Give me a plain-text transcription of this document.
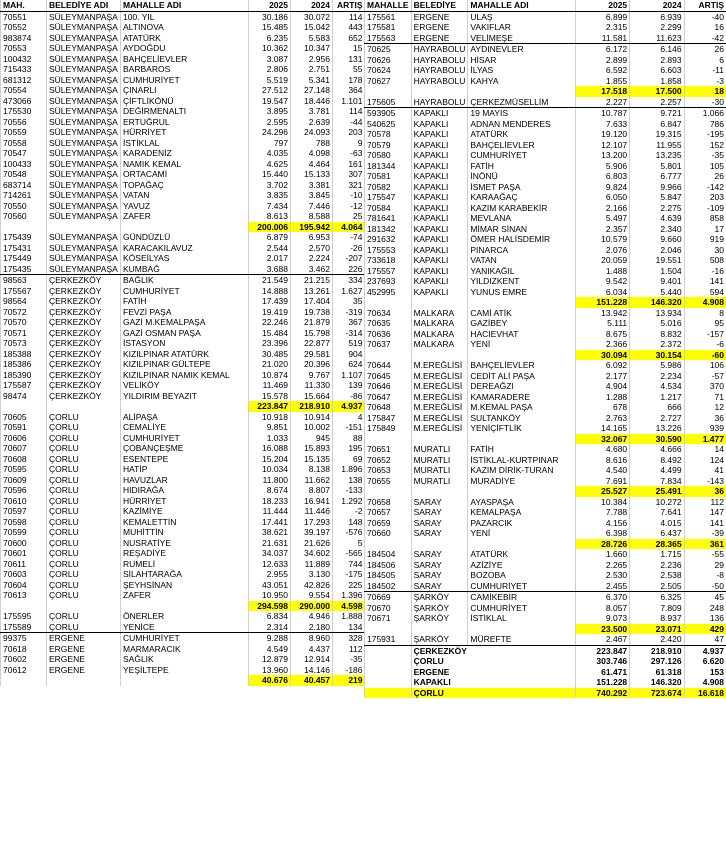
MAH.	BELEDİYE ADI	MAHALLE ADI	2025	2024	ARTIŞ
70551	SÜLEYMANPAŞA	100. YIL	30.186	30.072	114
70552	SÜLEYMANPAŞA	ALTINOVA	15.485	15.042	443
983874	SÜLEYMANPAŞA	ATATÜRK	6.235	5.583	652
70553	SÜLEYMANPAŞA	AYDOĞDU	10.362	10.347	15
100432	SÜLEYMANPAŞA	BAHÇELİEVLER	3.087	2.956	131
715433	SÜLEYMANPAŞA	BARBAROS	2.806	2.751	55
681312	SÜLEYMANPAŞA	CUMHURİYET	5.519	5.341	178
70554	SÜLEYMANPAŞA	ÇINARLI	27.512	27.148	364
473066	SÜLEYMANPAŞA	ÇİFTLİKÖNÜ	19.547	18.446	1.101
175530	SÜLEYMANPAŞA	DEĞİRMENALTI	3.895	3.781	114
70556	SÜLEYMANPAŞA	ERTUĞRUL	2.595	2.639	-44
70559	SÜLEYMANPAŞA	HÜRRİYET	24.296	24.093	203
70558	SÜLEYMANPAŞA	İSTİKLAL	797	788	9
70547	SÜLEYMANPAŞA	KARADENİZ	4.035	4.098	-63
100433	SÜLEYMANPAŞA	NAMIK KEMAL	4.625	4.464	161
70548	SÜLEYMANPAŞA	ORTACAMİ	15.440	15.133	307
683714	SÜLEYMANPAŞA	TOPAĞAÇ	3.702	3.381	321
714261	SÜLEYMANPAŞA	VATAN	3.835	3.845	-10
70550	SÜLEYMANPAŞA	YAVUZ	7.434	7.446	-12
70560	SÜLEYMANPAŞA	ZAFER	8.613	8.588	25
			200.006	195.942	4.064
175439	SÜLEYMANPAŞA	GÜNDÜZLÜ	6.879	6.953	-74
175431	SÜLEYMANPAŞA	KARACAKILAVUZ	2.544	2.570	-26
175449	SÜLEYMANPAŞA	KÖSEİLYAS	2.017	2.224	-207
175435	SÜLEYMANPAŞA	KUMBAĞ	3.688	3.462	226
98563	ÇERKEZKÖY	BAĞLIK	21.549	21.215	334
175567	ÇERKEZKÖY	CUMHURİYET	14.888	13.261	1.627
98564	ÇERKEZKÖY	FATİH	17.439	17.404	35
70572	ÇERKEZKÖY	FEVZİ PAŞA	19.419	19.738	-319
70570	ÇERKEZKÖY	GAZİ M.KEMALPAŞA	22.246	21.879	367
70571	ÇERKEZKÖY	GAZİ OSMAN PAŞA	15.484	15.798	-314
70573	ÇERKEZKÖY	İSTASYON	23.396	22.877	519
185388	ÇERKEZKÖY	KIZILPINAR ATATÜRK	30.485	29.581	904
185386	ÇERKEZKÖY	KIZILPINAR GÜLTEPE	21.020	20.396	624
185390	ÇERKEZKÖY	KIZILPINAR NAMIK KEMAL	10.874	9.767	1.107
175587	ÇERKEZKÖY	VELİKÖY	11.469	11.330	139
98474	ÇERKEZKÖY	YILDIRIM BEYAZIT	15.578	15.664	-86
			223.847	218.910	4.937
70605	ÇORLU	ALİPAŞA	10.918	10.914	4
70591	ÇORLU	CEMALİYE	9.851	10.002	-151
70606	ÇORLU	CUMHURİYET	1.033	945	88
70607	ÇORLU	ÇOBANÇEŞME	16.088	15.893	195
70608	ÇORLU	ESENTEPE	15.204	15.135	69
70595	ÇORLU	HATİP	10.034	8.138	1.896
70609	ÇORLU	HAVUZLAR	11.800	11.662	138
70596	ÇORLU	HIDIRAĞA	8.674	8.807	-133
70610	ÇORLU	HÜRRİYET	18.233	16.941	1.292
70597	ÇORLU	KAZİMİYE	11.444	11.446	-2
70598	ÇORLU	KEMALETTİN	17.441	17.293	148
70599	ÇORLU	MUHİTTİN	38.621	39.197	-576
70600	ÇORLU	NUSRATİYE	21.631	21.626	5
70601	ÇORLU	REŞADİYE	34.037	34.602	-565
70611	ÇORLU	RUMELİ	12.633	11.889	744
70603	ÇORLU	SİLAHTARAĞA	2.955	3.130	-175
70604	ÇORLU	ŞEYHSİNAN	43.051	42.826	225
70613	ÇORLU	ZAFER	10.950	9.554	1.396
			294.598	290.000	4.598
175595	ÇORLU	ÖNERLER	6.834	4.946	1.888
175589	ÇORLU	YENİCE	2.314	2.180	134
99375	ERGENE	CUMHURİYET	9.288	8.960	328
70618	ERGENE	MARMARACIK	4.549	4.437	112
70602	ERGENE	SAĞLIK	12.879	12.914	-35
70612	ERGENE	YEŞİLTEPE	13.960	14.146	-186
			40.676	40.457	219
MAHALLE	BELEDİYE	MAHALLE ADI	2025	2024	ARTIŞ
175561	ERGENE	ULAŞ	6.899	6.939	-40
175581	ERGENE	VAKIFLAR	2.315	2.299	16
175563	ERGENE	VELİMEŞE	11.581	11.623	-42
70625	HAYRABOLU	AYDINEVLER	6.172	6.146	26
70626	HAYRABOLU	HİSAR	2.899	2.893	6
70624	HAYRABOLU	İLYAS	6.592	6.603	-11
70627	HAYRABOLU	KAHYA	1.855	1.858	-3
			17.518	17.500	18
175605	HAYRABOLU	ÇERKEZMÜSELLİM	2.227	2.257	-30
593905	KAPAKLI	19 MAYIS	10.787	9.721	1.066
540625	KAPAKLI	ADNAN MENDERES	7.633	6.847	786
70578	KAPAKLI	ATATÜRK	19.120	19.315	-195
70579	KAPAKLI	BAHÇELİEVLER	12.107	11.955	152
70580	KAPAKLI	CUMHURİYET	13.200	13.235	-35
181344	KAPAKLI	FATİH	5.906	5.801	105
70581	KAPAKLI	İNÖNÜ	6.803	6.777	26
70582	KAPAKLI	İSMET PAŞA	9.824	9.966	-142
175547	KAPAKLI	KARAAĞAÇ	6.050	5.847	203
70584	KAPAKLI	KAZIM KARABEKİR	2.166	2.275	-109
781641	KAPAKLI	MEVLANA	5.497	4.639	858
181342	KAPAKLI	MİMAR SİNAN	2.357	2.340	17
291632	KAPAKLI	ÖMER HALİSDEMİR	10.579	9.660	919
175553	KAPAKLI	PINARCA	2.076	2.046	30
733618	KAPAKLI	VATAN	20.059	19.551	508
175557	KAPAKLI	YANIKAĞIL	1.488	1.504	-16
237693	KAPAKLI	YILDIZKENT	9.542	9.401	141
452995	KAPAKLI	YUNUS EMRE	6.034	5.440	594
			151.228	146.320	4.908
70634	MALKARA	CAMİ ATİK	13.942	13.934	8
70635	MALKARA	GAZİBEY	5.111	5.016	95
70636	MALKARA	HACIEVHAT	8.675	8.832	-157
70637	MALKARA	YENİ	2.366	2.372	-6
			30.094	30.154	-60
70644	M.EREĞLİSİ	BAHÇELİEVLER	6.092	5.986	106
70645	M.EREĞLİSİ	CEDİT ALİ PAŞA	2.177	2.234	-57
70646	M.EREĞLİSİ	DEREAĞZI	4.904	4.534	370
70647	M.EREĞLİSİ	KAMARADERE	1.288	1.217	71
70648	M.EREĞLİSİ	M.KEMAL PAŞA	678	666	12
175847	M.EREĞLİSİ	SULTANKÖY	2.763	2.727	36
175849	M.EREĞLİSİ	YENİÇİFTLİK	14.165	13.226	939
			32.067	30.590	1.477
70651	MURATLI	FATİH	4.680	4.666	14
70652	MURATLI	İSTİKLAL-KURTPINAR	8.616	8.492	124
70653	MURATLI	KAZIM DİRİK-TURAN	4.540	4.499	41
70655	MURATLI	MURADİYE	7.691	7.834	-143
			25.527	25.491	36
70658	SARAY	AYASPAŞA	10.384	10.272	112
70657	SARAY	KEMALPAŞA	7.788	7.641	147
70659	SARAY	PAZARCIK	4.156	4.015	141
70660	SARAY	YENİ	6.398	6.437	-39
			28.726	28.365	361
184504	SARAY	ATATÜRK	1.660	1.715	-55
184506	SARAY	AZİZİYE	2.265	2.236	29
184505	SARAY	BOZOBA	2.530	2.538	-8
184502	SARAY	CUMHURİYET	2.455	2.505	-50
70669	ŞARKÖY	CAMİKEBİR	6.370	6.325	45
70670	ŞARKÖY	CUMHURİYET	8.057	7.809	248
70671	ŞARKÖY	İSTİKLAL	9.073	8.937	136
			23.500	23.071	429
175931	ŞARKÖY	MÜREFTE	2.467	2.420	47
	ÇERKEZKÖY		223.847	218.910	4.937
	ÇORLU		303.746	297.126	6.620
	ERGENE		61.471	61.318	153
	KAPAKLI		151.228	146.320	4.908
	ÇORLU		740.292	723.674	16.618
